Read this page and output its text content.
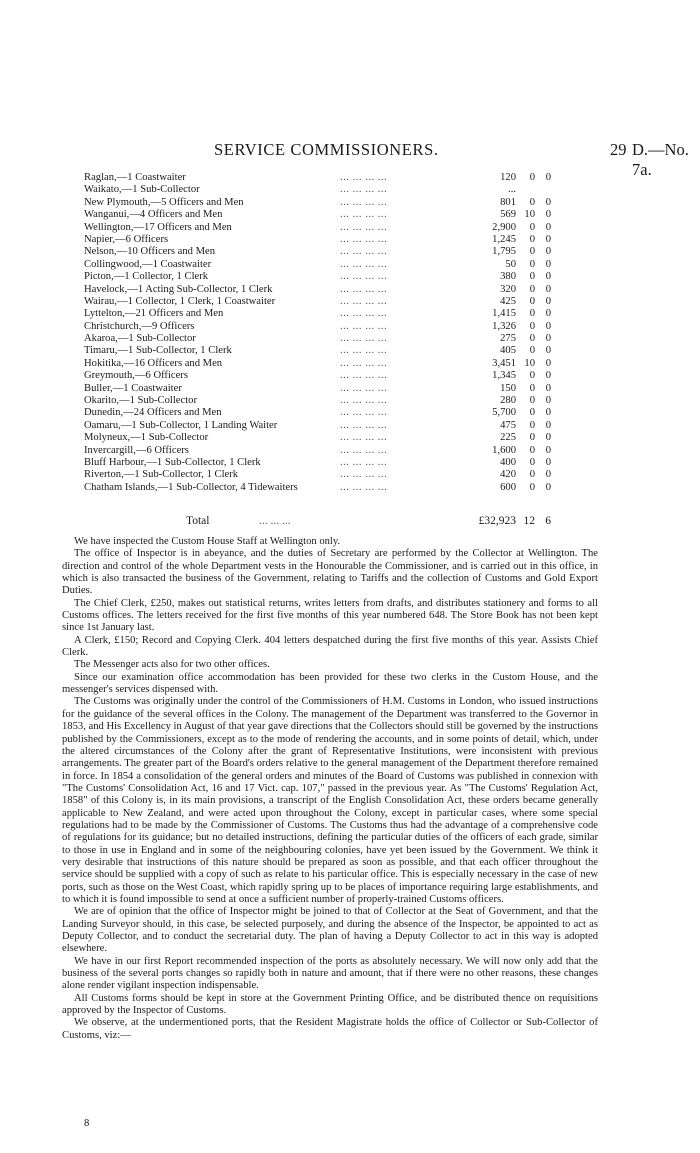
SERVICE COMMISSIONERS.	29 D.—No. 7a.
Raglan,—1 Coastwaiter	... ... ... ...	120	0	0
Waikato,—1 Sub-Collector	... ... ... ...	...
New Plymouth,—5 Officers and Men	... ... ... ...	801	0	0
Wanganui,—4 Officers and Men	... ... ... ...	569 10	0
Wellington,—17 Officers and Men	... ... ... ...	2,900	0	0
Napier,—6 Officers	... ... ... ...	1,245	0	0
Nelson,—10 Officers and Men	... ... ... ...	1,795	0	0
Collingwood,—1 Coastwaiter	... ... ... ...	50	0	0
Picton,—1 Collector, 1 Clerk	... ... ... ...	380	0	0
Havelock,—1 Acting Sub-Collector, 1 Clerk	... ... ... ...	320	0	0
Wairau,—1 Collector, 1 Clerk, 1 Coastwaiter	... ... ... ...	425	0	0
Lyttelton,—21 Officers and Men	... ... ... ...	1,415	0	0
Christchurch,—9 Officers	... ... ... ...	1,326	0	0
Akaroa,—1 Sub-Collector	... ... ... ...	275	0	0
Timaru,—1 Sub-Collector, 1 Clerk	... ... ... ...	405	0	0
Hokitika,—16 Officers and Men	... ... ... ...	3,451 10	0
Greymouth,—6 Officers	... ... ... ...	1,345	0	0
Buller,—1 Coastwaiter	... ... ... ...	150	0	0
Okarito,—1 Sub-Collector	... ... ... ...	280	0	0
Dunedin,—24 Officers and Men	... ... ... ...	5,700	0	0
Oamaru,—1 Sub-Collector, 1 Landing Waiter	... ... ... ...	475	0	0
Molyneux,—1 Sub-Collector	... ... ... ...	225	0	0
Invercargill,—6 Officers	... ... ... ...	1,600	0	0
Bluff Harbour,—1 Sub-Collector, 1 Clerk	... ... ... ...	400	0	0
Riverton,—1 Sub-Collector, 1 Clerk	... ... ... ...	420	0	0
Chatham Islands,—1 Sub-Collector, 4 Tidewaiters	... ... ... ...	600	0	0
Total	... ... ...	£32,923 12 6

We have inspected the Custom House Staff at Wellington only.

The office of Inspector is in abeyance, and the duties of Secretary are performed by the Collector at Wellington. The direction and control of the whole Department vests in the Honourable the Commissioner, and is carried out in this office, in which is also transacted the business of the Government, relating to Tariffs and the collection of Customs and Gold Export Duties.

The Chief Clerk, £250, makes out statistical returns, writes letters from drafts, and distributes stationery and forms to all Customs offices. The letters received for the first five months of this year numbered 648. The Store Book has not been kept since 1st January last.

A Clerk, £150; Record and Copying Clerk. 404 letters despatched during the first five months of this year. Assists Chief Clerk.

The Messenger acts also for two other offices.

Since our examination office accommodation has been provided for these two clerks in the Custom House, and the messenger's services dispensed with.

The Customs was originally under the control of the Commissioners of H.M. Customs in London, who issued instructions for the guidance of the several offices in the Colony. The management of the Department was transferred to the Governor in 1853, and His Excellency in August of that year gave directions that the Collectors should still be governed by the instructions published by the Commissioners, except as to the mode of rendering the accounts, and in some points of detail, which, under the altered circumstances of the Colony after the grant of Representative Institutions, were inconsistent with previous arrangements. The greater part of the Board's orders relative to the general management of the Department therefore remained in force. In 1854 a consolidation of the general orders and minutes of the Board of Customs was published in connexion with "The Customs' Consolidation Act, 16 and 17 Vict. cap. 107," passed in the previous year. As "The Customs' Regulation Act, 1858" of this Colony is, in its main provisions, a transcript of the English Consolidation Act, these orders became generally applicable to New Zealand, and were acted upon throughout the Colony, except in particular cases, where some special regulations had to be made by the Commissioner of Customs. The Customs thus had the advantage of a comprehensive code of regulations for its guidance; but no detailed instructions, defining the particular duties of the officers of each grade, similar to those in use in England and in some of the neighbouring colonies, have yet been issued by the Government. We think it very desirable that instructions of this nature should be prepared as soon as possible, and that each officer throughout the service should be supplied with a copy of such as relate to his particular office. This is especially necessary in the case of new ports, such as those on the West Coast, which rapidly spring up to be places of importance requiring large establishments, and to which it is found impossible to send at once a sufficient number of properly-trained Customs officers.

We are of opinion that the office of Inspector might be joined to that of Collector at the Seat of Government, and that the Landing Surveyor should, in this case, be selected purposely, and during the absence of the Inspector, be appointed to act as Deputy Collector, and to conduct the secretarial duty. The plan of having a Deputy Collector to act in this way is adopted elsewhere.

We have in our first Report recommended inspection of the ports as absolutely necessary. We will now only add that the business of the several ports changes so rapidly both in nature and amount, that if there were no other reasons, these changes alone render vigilant inspection indispensable.

All Customs forms should be kept in store at the Government Printing Office, and be distributed thence on requisitions approved by the Inspector of Customs.

We observe, at the undermentioned ports, that the Resident Magistrate holds the office of Collector or Sub-Collector of Customs, viz:—

8
